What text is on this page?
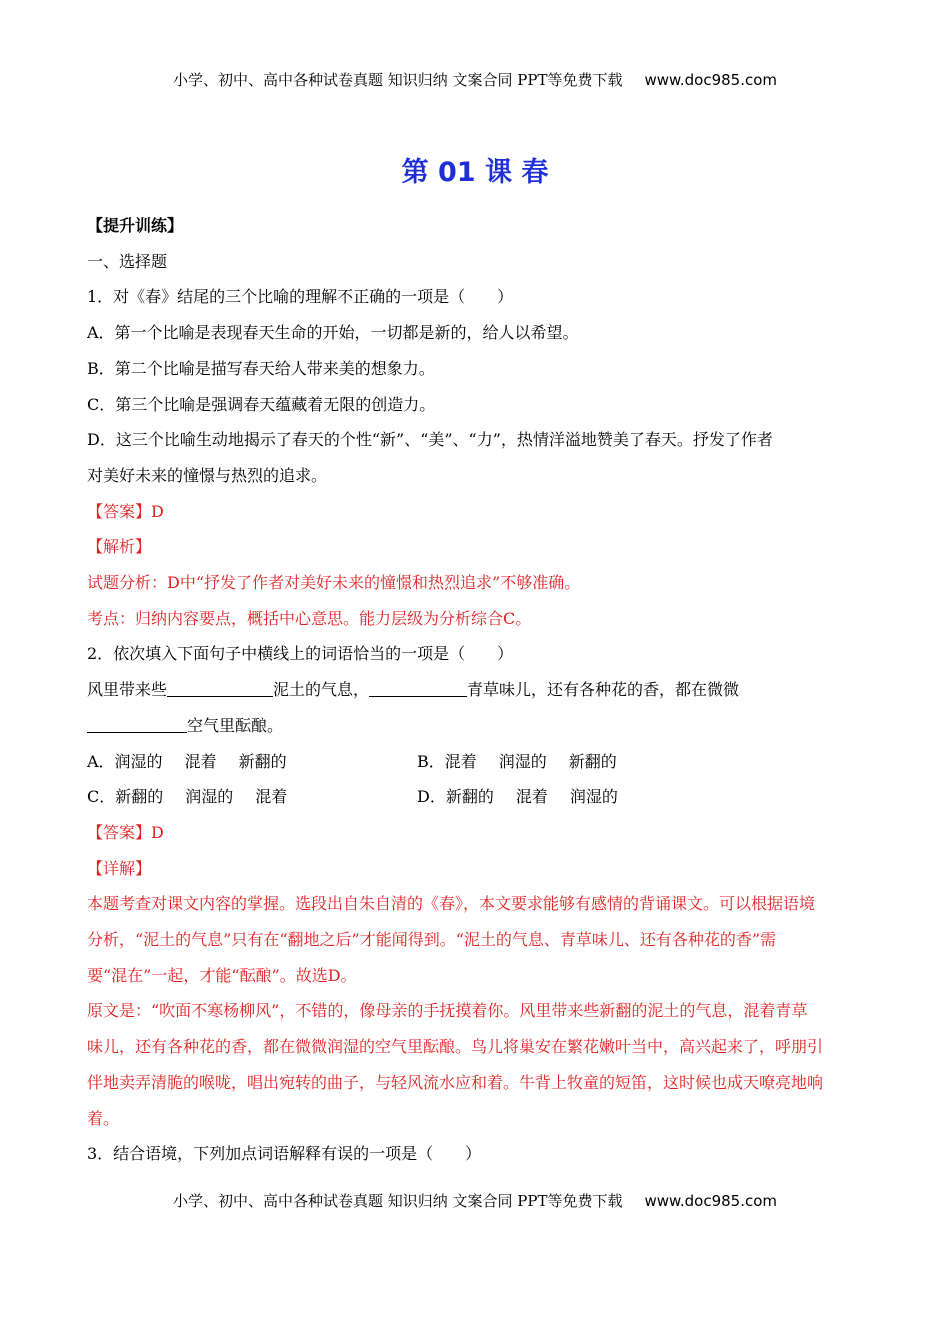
小学、初中、高中各种试卷真题 知识归纳 文案合同 PPT等免费下载 www.doc985.com
第 01 课 春
【提升训练】
一、选择题
1．对《春》结尾的三个比喻的理解不正确的一项是（　　）
A．第一个比喻是表现春天生命的开始，一切都是新的，给人以希望。
B．第二个比喻是描写春天给人带来美的想象力。
C．第三个比喻是强调春天蕴藏着无限的创造力。
D．这三个比喻生动地揭示了春天的个性“新”、“美”、“力”，热情洋溢地赞美了春天。抒发了作者
对美好未来的憧憬与热烈的追求。
【答案】D
【解析】
试题分析：D中“抒发了作者对美好未来的憧憬和热烈追求”不够准确。
考点：归纳内容要点，概括中心意思。能力层级为分析综合C。
2．依次填入下面句子中横线上的词语恰当的一项是（　　）
风里带来些	泥土的气息，	青草味儿，还有各种花的香，都在微微
空气里酝酿。
A．润湿的 混着 新翻的	B．混着 润湿的 新翻的
C．新翻的 润湿的 混着	D．新翻的 混着 润湿的
【答案】D
【详解】
本题考查对课文内容的掌握。选段出自朱自清的《春》，本文要求能够有感情的背诵课文。可以根据语境
分析，“泥土的气息”只有在“翻地之后”才能闻得到。“泥土的气息、青草味儿、还有各种花的香”需
要“混在”一起，才能“酝酿”。故选D。
原文是：“吹面不寒杨柳风”，不错的，像母亲的手抚摸着你。风里带来些新翻的泥土的气息，混着青草
味儿，还有各种花的香，都在微微润湿的空气里酝酿。鸟儿将巢安在繁花嫩叶当中，高兴起来了，呼朋引
伴地卖弄清脆的喉咙，唱出宛转的曲子，与轻风流水应和着。牛背上牧童的短笛，这时候也成天嘹亮地响
着。
3．结合语境，下列加点词语解释有误的一项是（　　）
小学、初中、高中各种试卷真题 知识归纳 文案合同 PPT等免费下载 www.doc985.com
